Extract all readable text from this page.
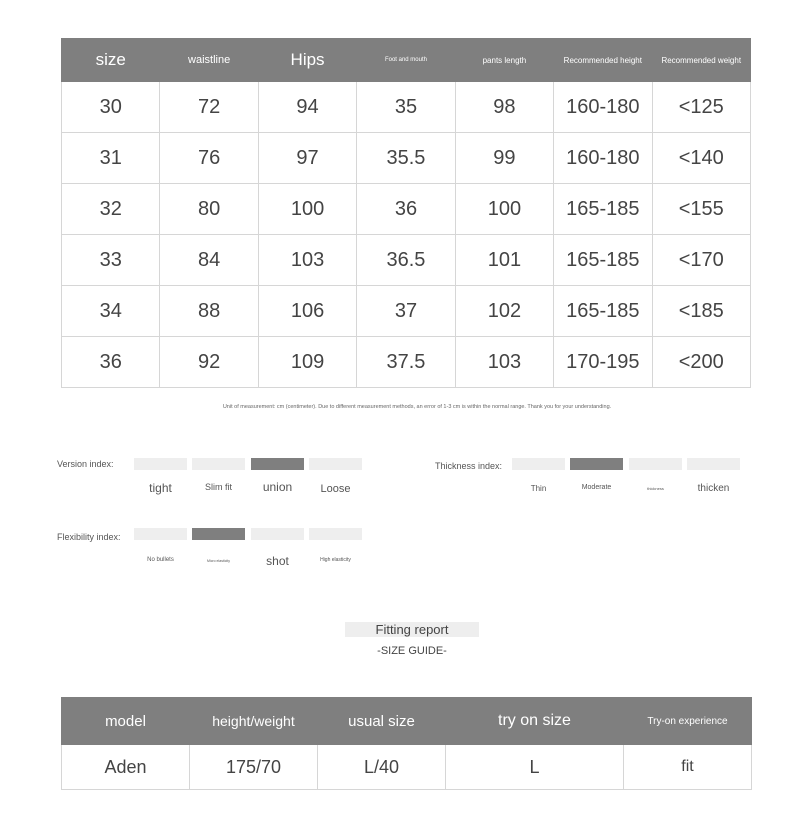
size	waistline	Hips	Foot and mouth	pants length	Recommended height	Recommended weight
30	72	94	35	98	160-180	<125
31	76	97	35.5	99	160-180	<140
32	80	100	36	100	165-185	<155
33	84	103	36.5	101	165-185	<170
34	88	106	37	102	165-185	<185
36	92	109	37.5	103	170-195	<200
Unit of measurement: cm (centimeter). Due to different measurement methods, an error of 1-3 cm is within the normal range. Thank you for your understanding.
Version index:
tight	Slim fit	union	Loose
Thickness index:
Thin	Moderate	thickness	thicken
Flexibility index:
No bullets	Micro elasticity	shot	High elasticity
Fitting report
-SIZE GUIDE-
model	height/weight	usual size	try on size	Try-on experience
Aden	175/70	L/40	L	fit
